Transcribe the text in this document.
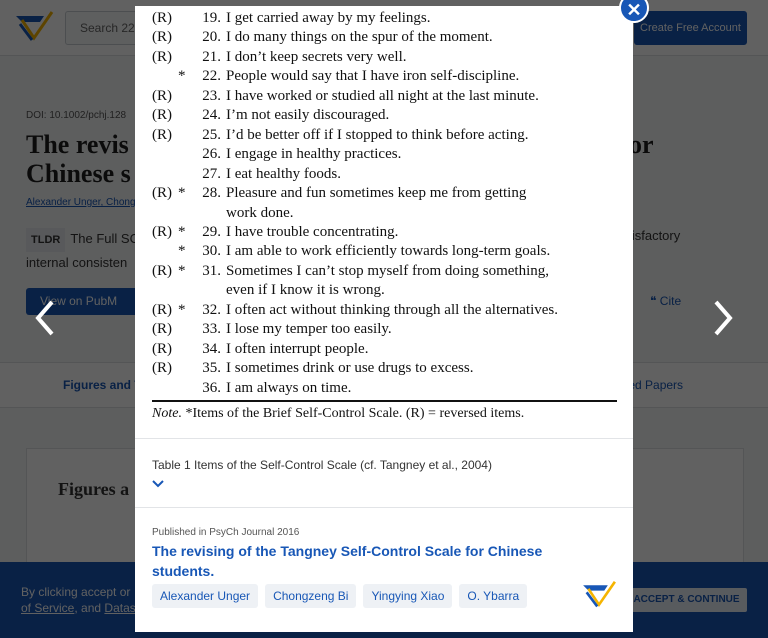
Note. *Items of the Brief Self-Control Scale. (R) = reversed items.
(R)	19. I get carried away by my feelings.
(R)	20. I do many things on the spur of the moment.
(R)	21. I don’t keep secrets very well.
*	22. People would say that I have iron self-discipline.
(R)	23. I have worked or studied all night at the last minute.
(R)	24. I’m not easily discouraged.
(R)	25. I’d be better off if I stopped to think before acting.
26. I engage in healthy practices.
27. I eat healthy foods.
(R) *	28. Pleasure and fun sometimes keep me from getting
work done.
(R) *	29. I have trouble concentrating.
*	30. I am able to work efficiently towards long-term goals.
(R) *	31. Sometimes I can’t stop myself from doing something,
even if I know it is wrong.
(R) *	32. I often act without thinking through all the alternatives.
(R)	33. I lose my temper too easily.
(R)	34. I often interrupt people.
(R)	35. I sometimes drink or use drugs to excess.
36. I am always on time.
Table 1 Items of the Self-Control Scale (cf. Tangney et al., 2004)
Published in PsyCh Journal 2016
The revising of the Tangney Self-Control Scale for Chinese students.
Alexander Unger	Chongzeng Bi	Yingying Xiao	O. Ybarra
✕
